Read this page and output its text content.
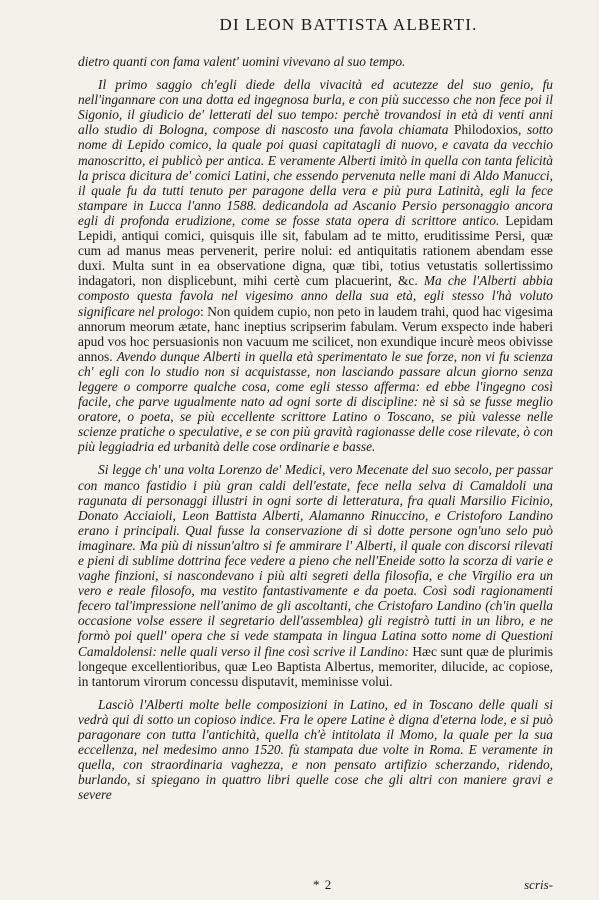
DI LEON BATTISTA ALBERTI.

dietro quanti con fama valent' uomini vivevano al suo tempo.

Il primo saggio ch'egli diede della vivacità ed acutezze del suo genio, fu nell'ingannare con una dotta ed ingegnosa burla, e con più successo che non fece poi il Sigonio, il giudicio de' letterati del suo tempo: perchè trovandosi in età di venti anni allo studio di Bologna, compose di nascosto una favola chiamata Philodoxios, sotto nome di Lepido comico, la quale poi quasi capitatagli di nuovo, e cavata da vecchio manoscritto, ei publicò per antica. E veramente Alberti imitò in quella con tanta felicità la prisca dicitura de' comici Latini, che essendo pervenuta nelle mani di Aldo Manucci, il quale fu da tutti tenuto per paragone della vera e più pura Latinità, egli la fece stampare in Lucca l'anno 1588. dedicandola ad Ascanio Persio personaggio ancora egli di profonda erudizione, come se fosse stata opera di scrittore antico. Lepidam Lepidi, antiqui comici, quisquis ille sit, fabulam ad te mitto, eruditissime Persi, quæ cum ad manus meas pervenerit, perire nolui: ed antiquitatis rationem abendam esse duxi. Multa sunt in ea observatione digna, quæ tibi, totius vetustatis sollertissimo indagatori, non displicebunt, mihi certè cum placuerint, &c. Ma che l'Alberti abbia composto questa favola nel vigesimo anno della sua età, egli stesso l'hà voluto significare nel prologo: Non quidem cupio, non peto in laudem trahi, quod hac vigesima annorum meorum ætate, hanc ineptius scripserim fabulam. Verum exspecto inde haberi apud vos hoc persuasionis non vacuum me scilicet, non exundique incurè meos obivisse annos. Avendo dunque Alberti in quella età sperimentato le sue forze, non vi fu scienza ch' egli con lo studio non si acquistasse, non lasciando passare alcun giorno senza leggere o comporre qualche cosa, come egli stesso afferma: ed ebbe l'ingegno così facile, che parve ugualmente nato ad ogni sorte di discipline: nè si sà se fusse meglio oratore, o poeta, se più eccellente scrittore Latino o Toscano, se più valesse nelle scienze pratiche o speculative, e se con più gravità ragionasse delle cose rilevate, ò con più leggiadria ed urbanità delle cose ordinarie e basse.

Si legge ch' una volta Lorenzo de' Medici, vero Mecenate del suo secolo, per passar con manco fastidio i più gran caldi dell'estate, fece nella selva di Camaldoli una ragunata di personaggi illustri in ogni sorte di letteratura, fra quali Marsilio Ficinio, Donato Acciaioli, Leon Battista Alberti, Alamanno Rinuccino, e Cristoforo Landino erano i principali. Qual fusse la conservazione di sì dotte persone ogn'uno selo può imaginare. Ma più di nissun'altro si fe ammirare l' Alberti, il quale con discorsi rilevati e pieni di sublime dottrina fece vedere a pieno che nell'Eneide sotto la scorza di varie e vaghe finzioni, si nascondevano i più alti segreti della filosofia, e che Virgilio era un vero e reale filosofo, ma vestito fantastivamente e da poeta. Così sodi ragionamenti fecero tal'impressione nell'animo de gli ascoltanti, che Cristofaro Landino (ch'in quella occasione volse essere il segretario dell'assemblea) gli registrò tutti in un libro, e ne formò poi quell' opera che si vede stampata in lingua Latina sotto nome di Questioni Camaldolensi: nelle quali verso il fine così scrive il Landino: Hæc sunt quæ de plurimis longeque excellentioribus, quæ Leo Baptista Albertus, memoriter, dilucide, ac copiose, in tantorum virorum concessu disputavit, meminisse volui.

Lasciò l'Alberti molte belle composizioni in Latino, ed in Toscano delle quali si vedrà qui di sotto un copioso indice. Fra le opere Latine è digna d'eterna lode, e si può paragonare con tutta l'antichità, quella ch'è intitolata il Momo, la quale per la sua eccellenza, nel medesimo anno 1520. fù stampata due volte in Roma. E veramente in quella, con straordinaria vaghezza, e non pensato artifizio scherzando, ridendo, burlando, si spiegano in quattro libri quelle cose che gli altri con maniere gravi e severe

* 2	scris-
